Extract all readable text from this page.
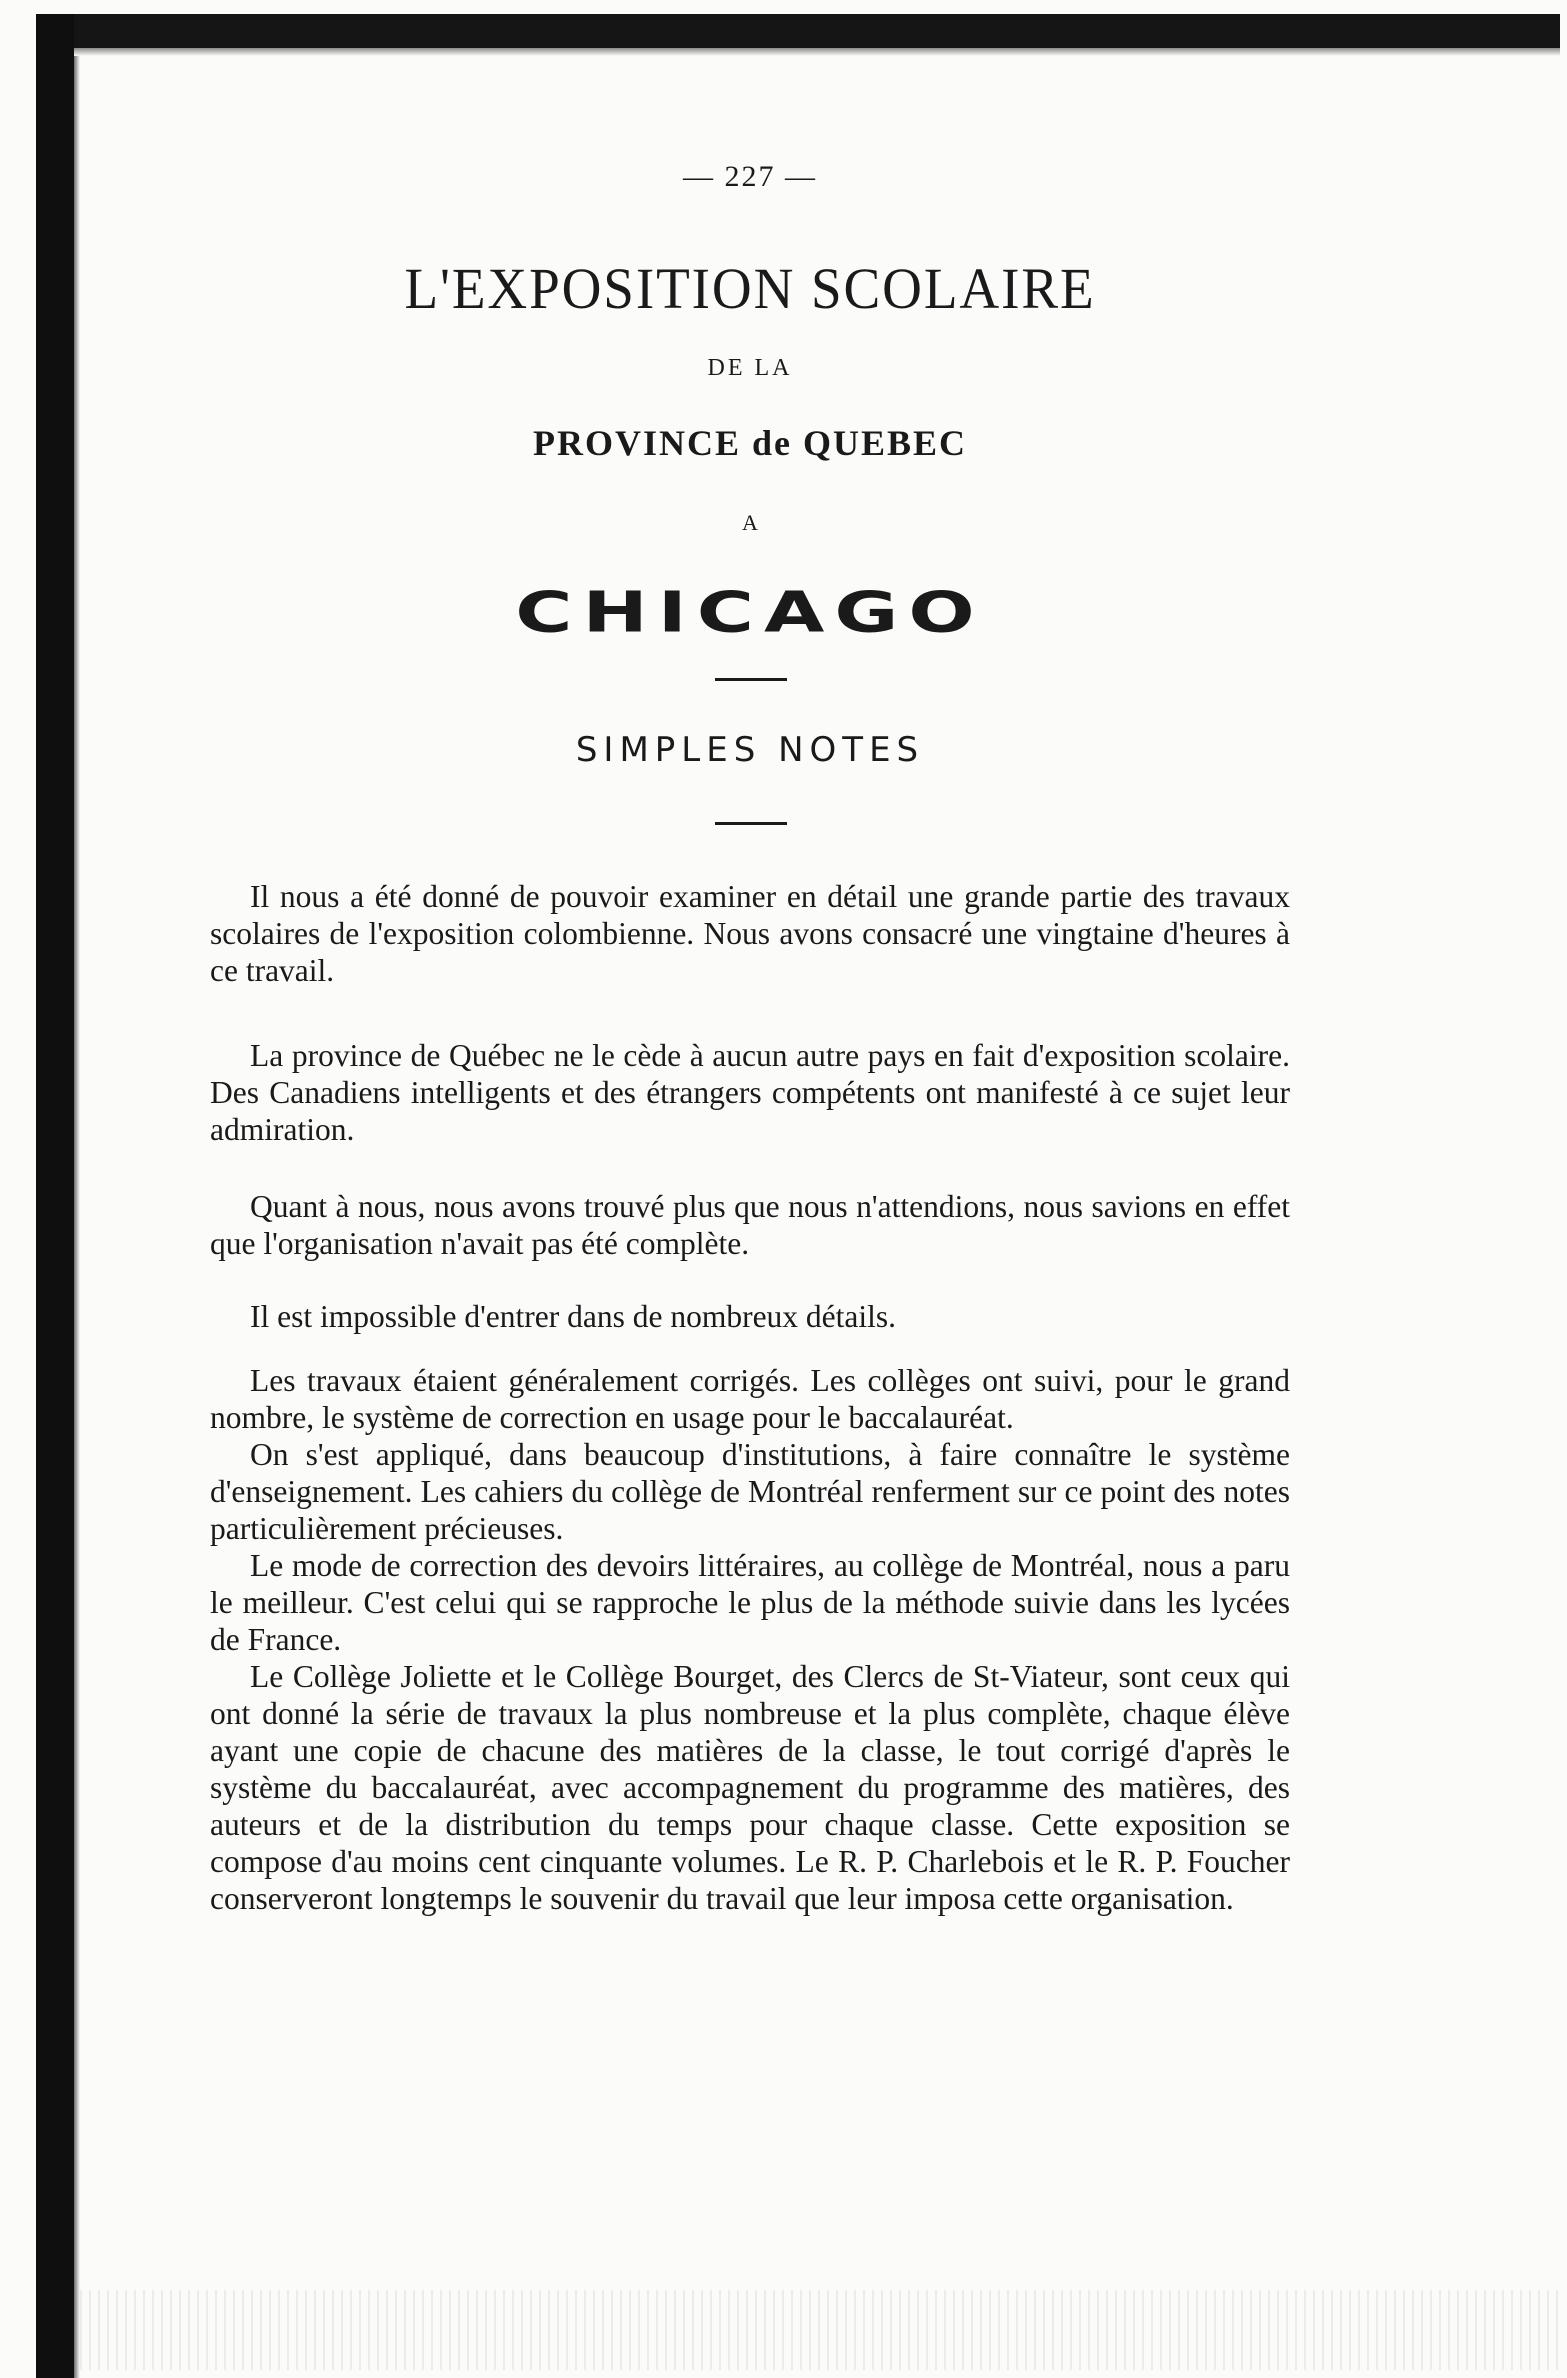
— 227 —
L'EXPOSITION SCOLAIRE
DE LA
PROVINCE de QUEBEC
A
CHICAGO
SIMPLES NOTES

Il nous a été donné de pouvoir examiner en détail une grande partie des travaux scolaires de l'exposition colombienne. Nous avons consacré une vingtaine d'heures à ce travail.

La province de Québec ne le cède à aucun autre pays en fait d'exposition scolaire. Des Canadiens intelligents et des étrangers compétents ont manifesté à ce sujet leur admiration.

Quant à nous, nous avons trouvé plus que nous n'attendions, nous savions en effet que l'organisation n'avait pas été complète.

Il est impossible d'entrer dans de nombreux détails.

Les travaux étaient généralement corrigés. Les collèges ont suivi, pour le grand nombre, le système de correction en usage pour le baccalauréat.

On s'est appliqué, dans beaucoup d'institutions, à faire connaître le système d'enseignement. Les cahiers du collège de Montréal renferment sur ce point des notes particulièrement précieuses.

Le mode de correction des devoirs littéraires, au collège de Montréal, nous a paru le meilleur. C'est celui qui se rapproche le plus de la méthode suivie dans les lycées de France.

Le Collège Joliette et le Collège Bourget, des Clercs de St-Viateur, sont ceux qui ont donné la série de travaux la plus nombreuse et la plus complète, chaque élève ayant une copie de chacune des matières de la classe, le tout corrigé d'après le système du baccalauréat, avec accompagnement du programme des matières, des auteurs et de la distribution du temps pour chaque classe. Cette exposition se compose d'au moins cent cinquante volumes. Le R. P. Charlebois et le R. P. Foucher conserveront longtemps le souvenir du travail que leur imposa cette organisation.
